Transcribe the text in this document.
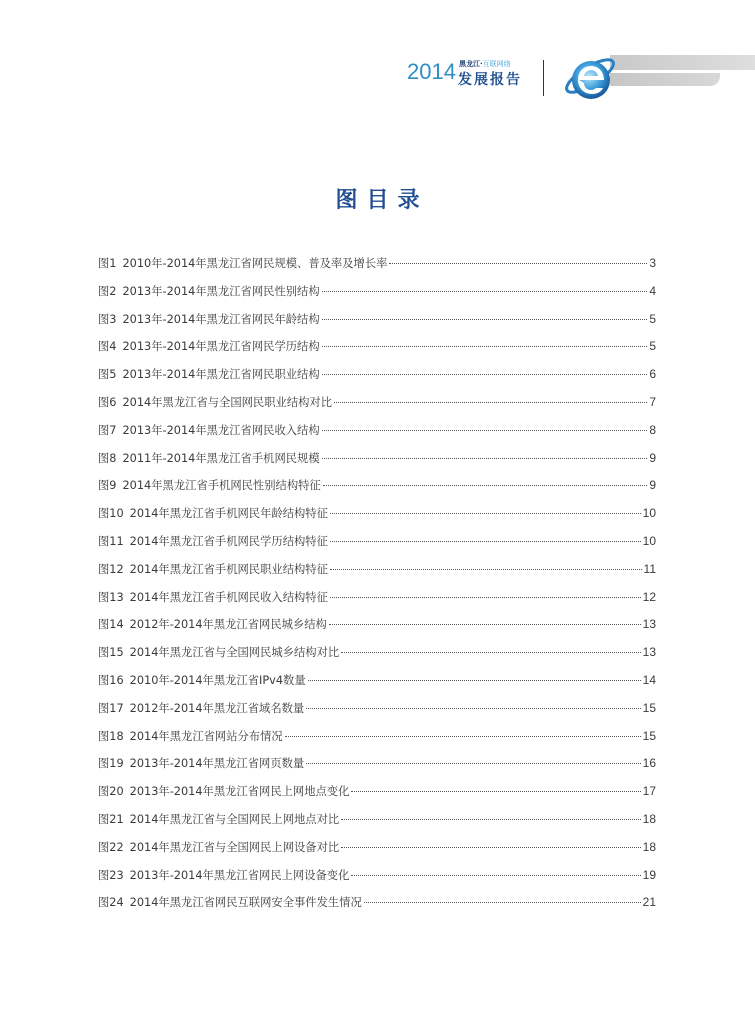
2014 黑龙江·互联网络
发展报告
图目录
图1 2010年-2014年黑龙江省网民规模、普及率及增长率	3
图2 2013年-2014年黑龙江省网民性别结构	4
图3 2013年-2014年黑龙江省网民年龄结构	5
图4 2013年-2014年黑龙江省网民学历结构	5
图5 2013年-2014年黑龙江省网民职业结构	6
图6 2014年黑龙江省与全国网民职业结构对比	7
图7 2013年-2014年黑龙江省网民收入结构	8
图8 2011年-2014年黑龙江省手机网民规模	9
图9 2014年黑龙江省手机网民性别结构特征	9
图10 2014年黑龙江省手机网民年龄结构特征	10
图11 2014年黑龙江省手机网民学历结构特征	10
图12 2014年黑龙江省手机网民职业结构特征	11
图13 2014年黑龙江省手机网民收入结构特征	12
图14 2012年-2014年黑龙江省网民城乡结构	13
图15 2014年黑龙江省与全国网民城乡结构对比	13
图16 2010年-2014年黑龙江省IPv4数量	14
图17 2012年-2014年黑龙江省域名数量	15
图18 2014年黑龙江省网站分布情况	15
图19 2013年-2014年黑龙江省网页数量	16
图20 2013年-2014年黑龙江省网民上网地点变化	17
图21 2014年黑龙江省与全国网民上网地点对比	18
图22 2014年黑龙江省与全国网民上网设备对比	18
图23 2013年-2014年黑龙江省网民上网设备变化	19
图24 2014年黑龙江省网民互联网安全事件发生情况	21
